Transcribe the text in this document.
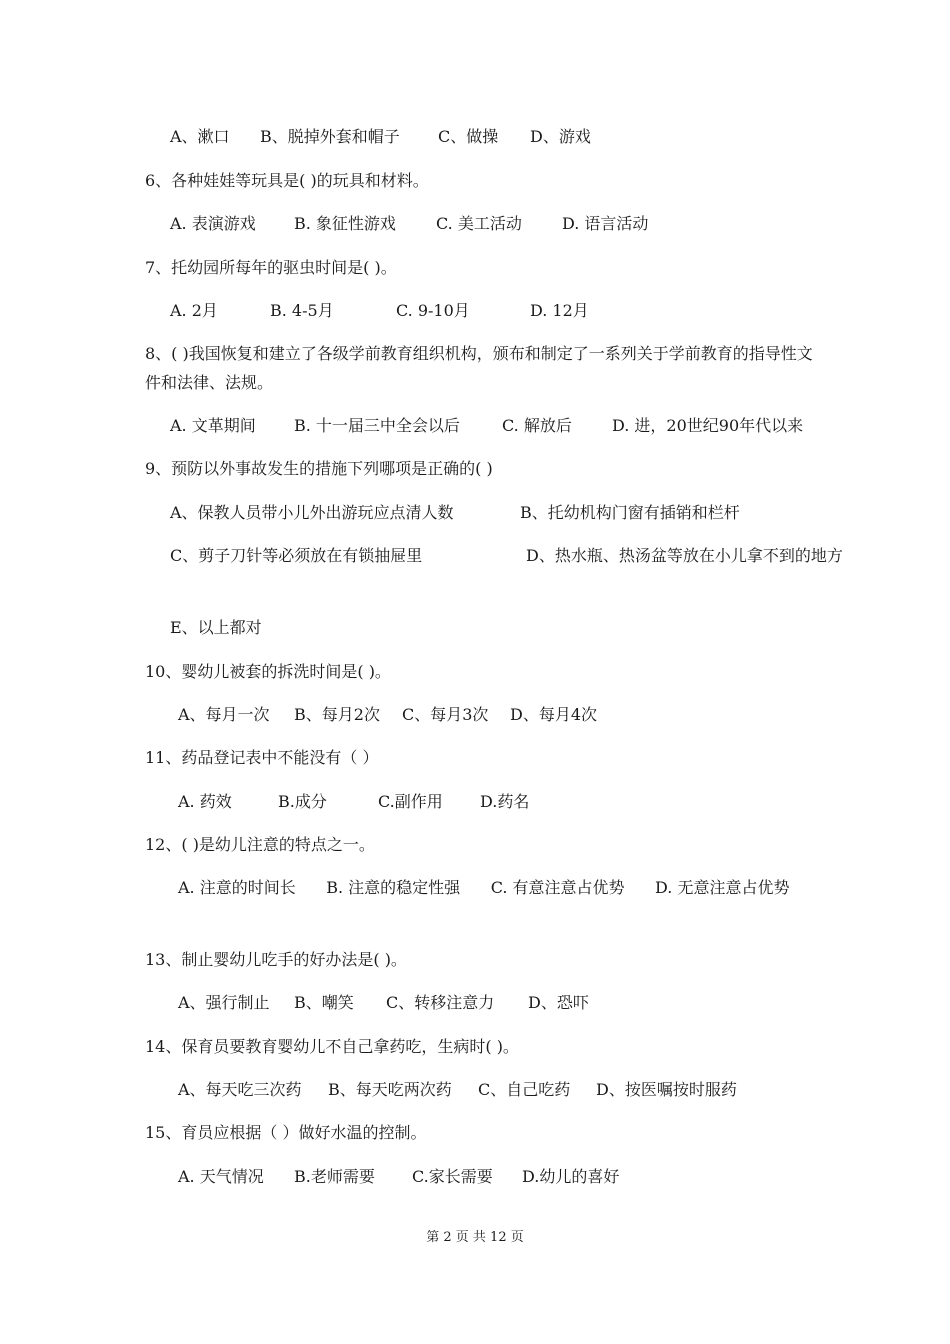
A、漱口 B、脱掉外套和帽子 C、做操 D、游戏
6、各种娃娃等玩具是( )的玩具和材料。
A. 表演游戏 B. 象征性游戏	C. 美工活动	D. 语言活动
7、托幼园所每年的驱虫时间是( )。
A. 2月	B. 4-5月	C. 9-10月	D. 12月
8、( )我国恢复和建立了各级学前教育组织机构，颁布和制定了一系列关于学前教育的指导性文件和法律、法规。
A. 文革期间 B. 十一届三中全会以后	C. 解放后	D. 进，20世纪90年代以来
9、预防以外事故发生的措施下列哪项是正确的( )
A、保教人员带小儿外出游玩应点清人数	B、托幼机构门窗有插销和栏杆
C、剪子刀针等必须放在有锁抽屉里	D、热水瓶、热汤盆等放在小儿拿不到的地方
E、以上都对
10、婴幼儿被套的拆洗时间是( )。
A、每月一次 B、每月2次 C、每月3次 D、每月4次
11、药品登记表中不能没有（ ）
A. 药效	B.成分	C.副作用 D.药名
12、( )是幼儿注意的特点之一。
A. 注意的时间长      B. 注意的稳定性强      C. 有意注意占优势      D. 无意注意占优势
13、制止婴幼儿吃手的好办法是( )。
A、强行制止 B、嘲笑 C、转移注意力 D、恐吓
14、保育员要教育婴幼儿不自己拿药吃，生病时( )。
A、每天吃三次药 B、每天吃两次药 C、自己吃药 D、按医嘱按时服药
15、育员应根据（ ）做好水温的控制。
A. 天气情况 B.老师需要 C.家长需要 D.幼儿的喜好
第 2 页 共 12 页
